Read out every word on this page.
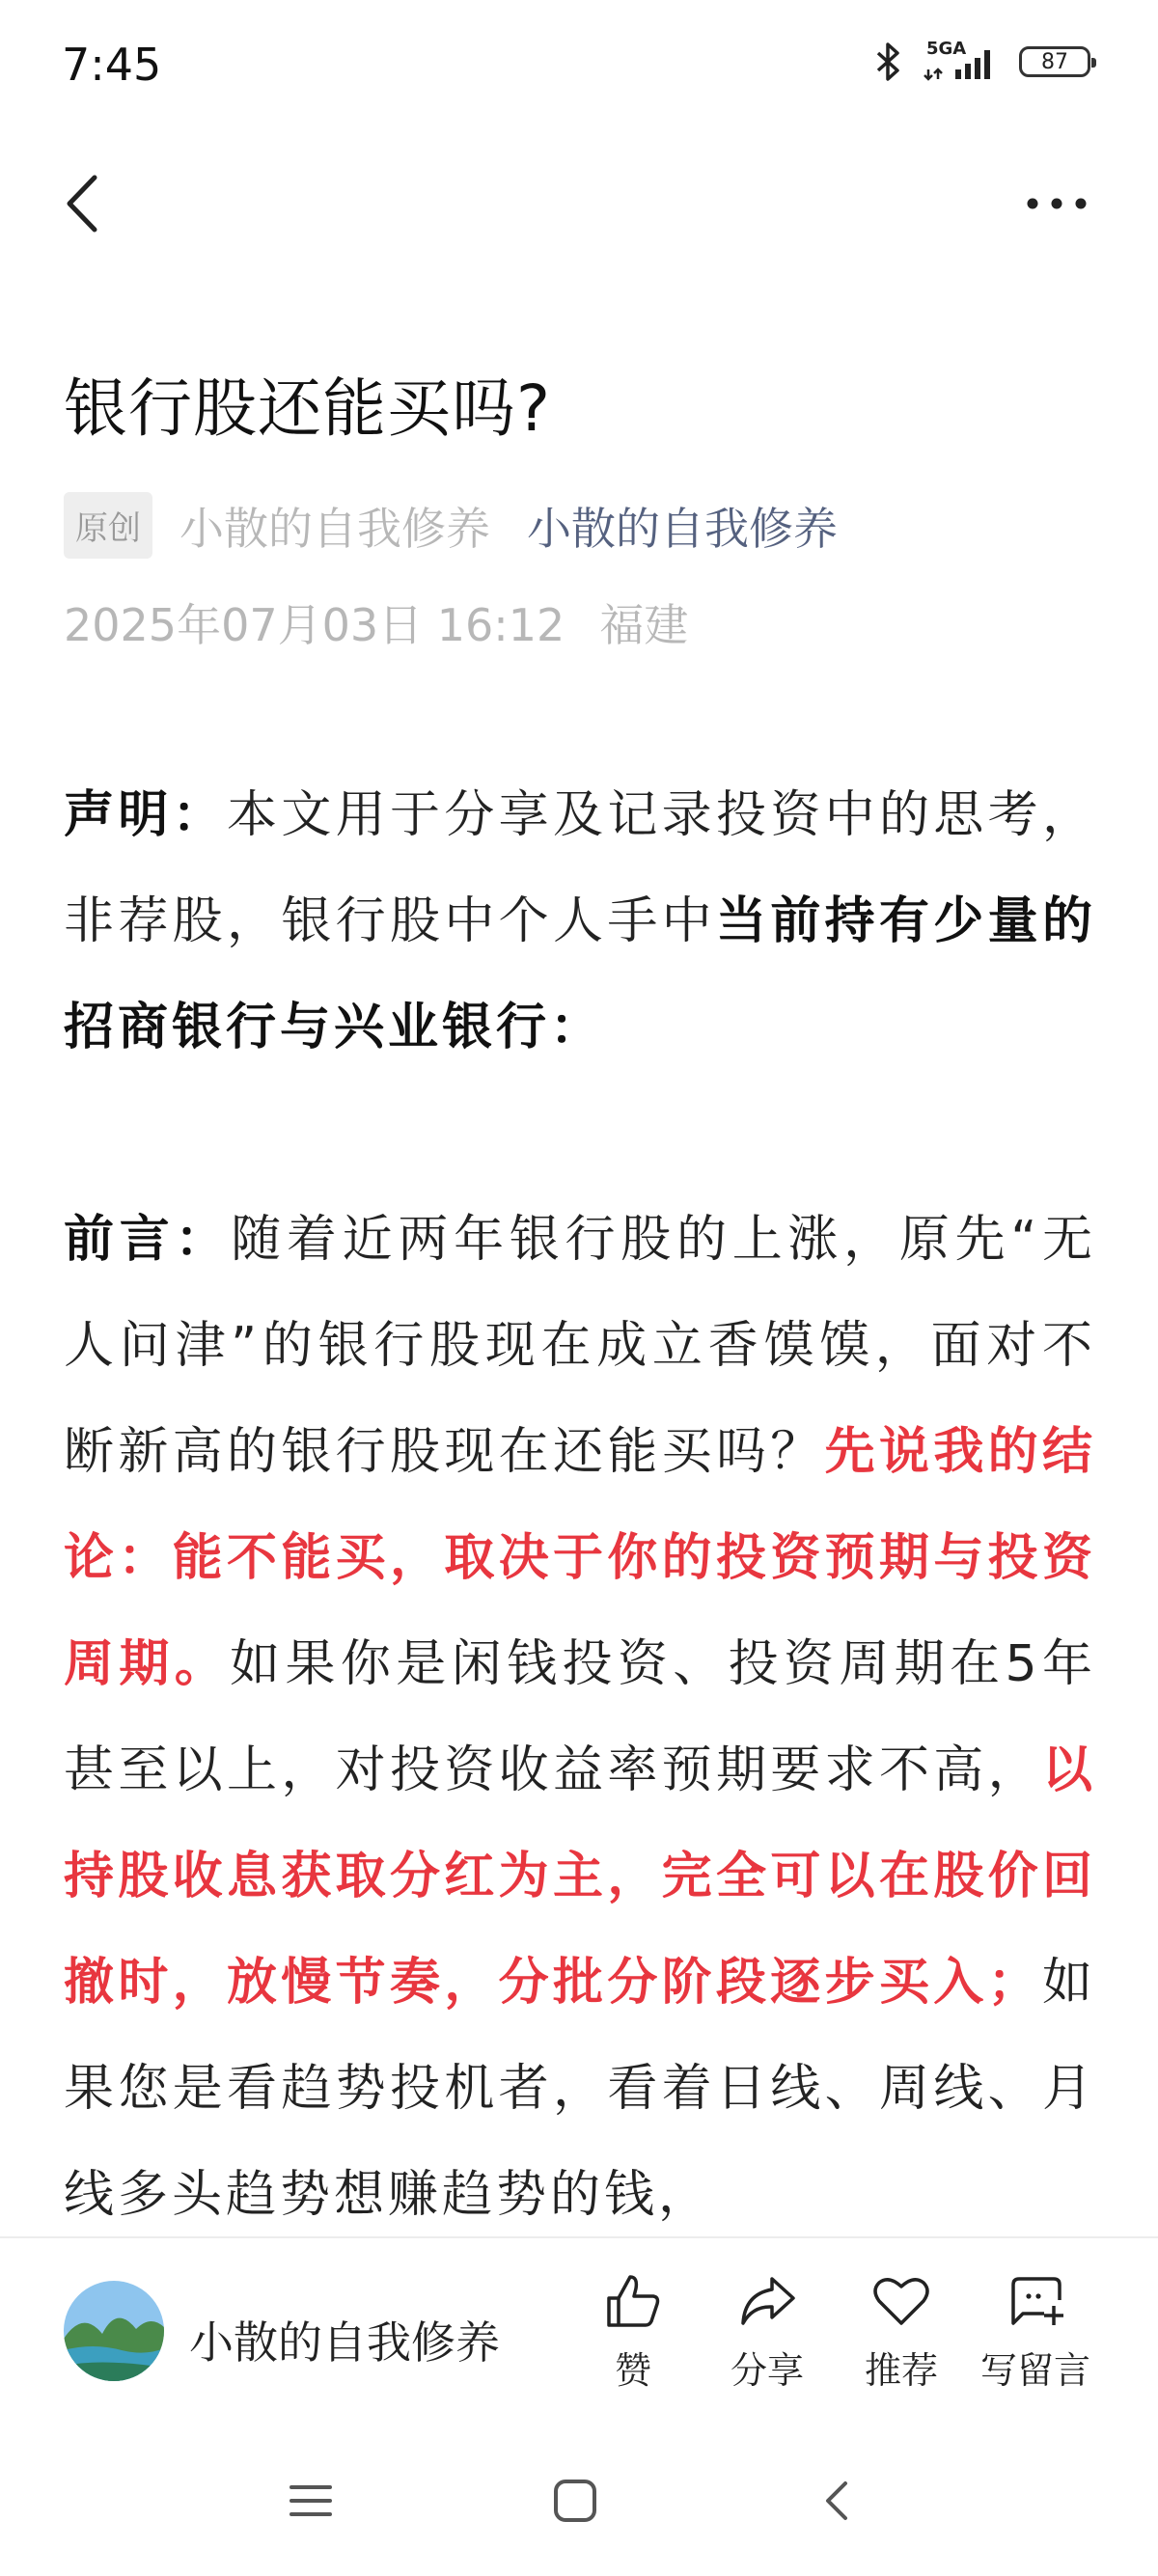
7:45	5GA
87
银行股还能买吗?
原创 小散的自我修养 小散的自我修养
2025年07月03日 16:12 福建

声明：本文用于分享及记录投资中的思考，非荐股，银行股中个人手中当前持有少量的招商银行与兴业银行：

前言：随着近两年银行股的上涨，原先“无人问津”的银行股现在成立香馍馍，面对不断新高的银行股现在还能买吗？先说我的结论：能不能买，取决于你的投资预期与投资周期。如果你是闲钱投资、投资周期在5年甚至以上，对投资收益率预期要求不高，以持股收息获取分红为主，完全可以在股价回撤时，放慢节奏，分批分阶段逐步买入；如果您是看趋势投机者，看着日线、周线、月线多头趋势想赚趋势的钱，

小散的自我修养
赞	分享	推荐	写留言
